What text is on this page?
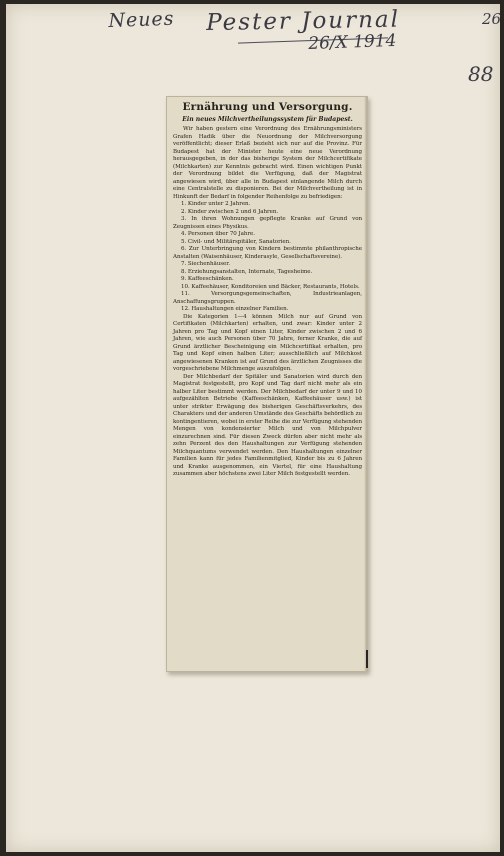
Neues Pester Journal
26/X 1914
26
88
Ernährung und Versorgung.
Ein neues Milchvertheilungssystem für Budapest.

Wir haben gestern eine Verordnung des Ernährungsministers Grafen Hadik über die Neuordnung der Milchversorgung veröffentlicht; dieser Erlaß bezieht sich nur auf die Provinz. Für Budapest hat der Minister heute eine neue Verordnung herausgegeben, in der das bisherige System der Milchcertifikate (Milchkarten) zur Kenntnis gebracht wird. Einen wichtigen Punkt der Verordnung bildet die Verfügung, daß der Magistrat angewiesen wird, über alle in Budapest einlangende Milch durch eine Centralstelle zu disponieren. Bei der Milchvertheilung ist in Hinkunft der Bedarf in folgender Reihenfolge zu befriedigen:

1. Kinder unter 2 Jahren.
2. Kinder zwischen 2 und 6 Jahren.
3. In ihren Wohnungen gepflegte Kranke auf Grund von Zeugnissen eines Physikus.
4. Personen über 70 Jahre.
5. Civil- und Militärspitäler, Sanatorien.
6. Zur Unterbringung von Kindern bestimmte philanthropische Anstalten (Waisenhäuser, Kinderasyle, Gesellschaftsvereine).
7. Siechenhäuser.
8. Erziehungsanstalten, Internate, Tagesheime.
9. Kaffeeschänken.
10. Kaffeehäuser, Konditoreien und Bäcker, Restaurants, Hotels.
11. Versorgungsgemeinschaften, Industrieanlagen, Anschaffungsgruppen.
12. Haushaltungen einzelner Familien.

Die Kategorien 1—4 können Milch nur auf Grund von Certifikaten (Milchkarten) erhalten, und zwar: Kinder unter 2 Jahren pro Tag und Kopf einen Liter, Kinder zwischen 2 und 6 Jahren, wie auch Personen über 70 Jahre, ferner Kranke, die auf Grund ärztlicher Bescheinigung ein Milchcertifikat erhalten, pro Tag und Kopf einen halben Liter; ausschließlich auf Milchkost angewiesenen Kranken ist auf Grund des ärztlichen Zeugnisses die vorgeschriebene Milchmenge auszufolgen.

Der Milchbedarf der Spitäler und Sanatorien wird durch den Magistrat festgestellt, pro Kopf und Tag darf nicht mehr als ein halber Liter bestimmt werden. Der Milchbedarf der unter 9 und 10 aufgezählten Betriebe (Kaffeeschänken, Kaffeehäuser usw.) ist unter strikter Erwägung des bisherigen Geschäftsverkehrs, des Charakters und der anderen Umstände des Geschäfts behördlich zu kontingentieren, wobei in erster Reihe die zur Verfügung stehenden Mengen von kondensierter Milch und von Milchpulver einzurechnen sind. Für diesen Zweck dürfen aber nicht mehr als zehn Perzent des den Haushaltungen zur Verfügung stehenden Milchquantums verwendet werden. Den Haushaltungen einzelner Familien kann für jedes Familienmitglied, Kinder bis zu 6 Jahren und Kranke ausgenommen, ein Viertel, für eine Haushaltung zusammen aber höchstens zwei Liter Milch festgestellt werden.
